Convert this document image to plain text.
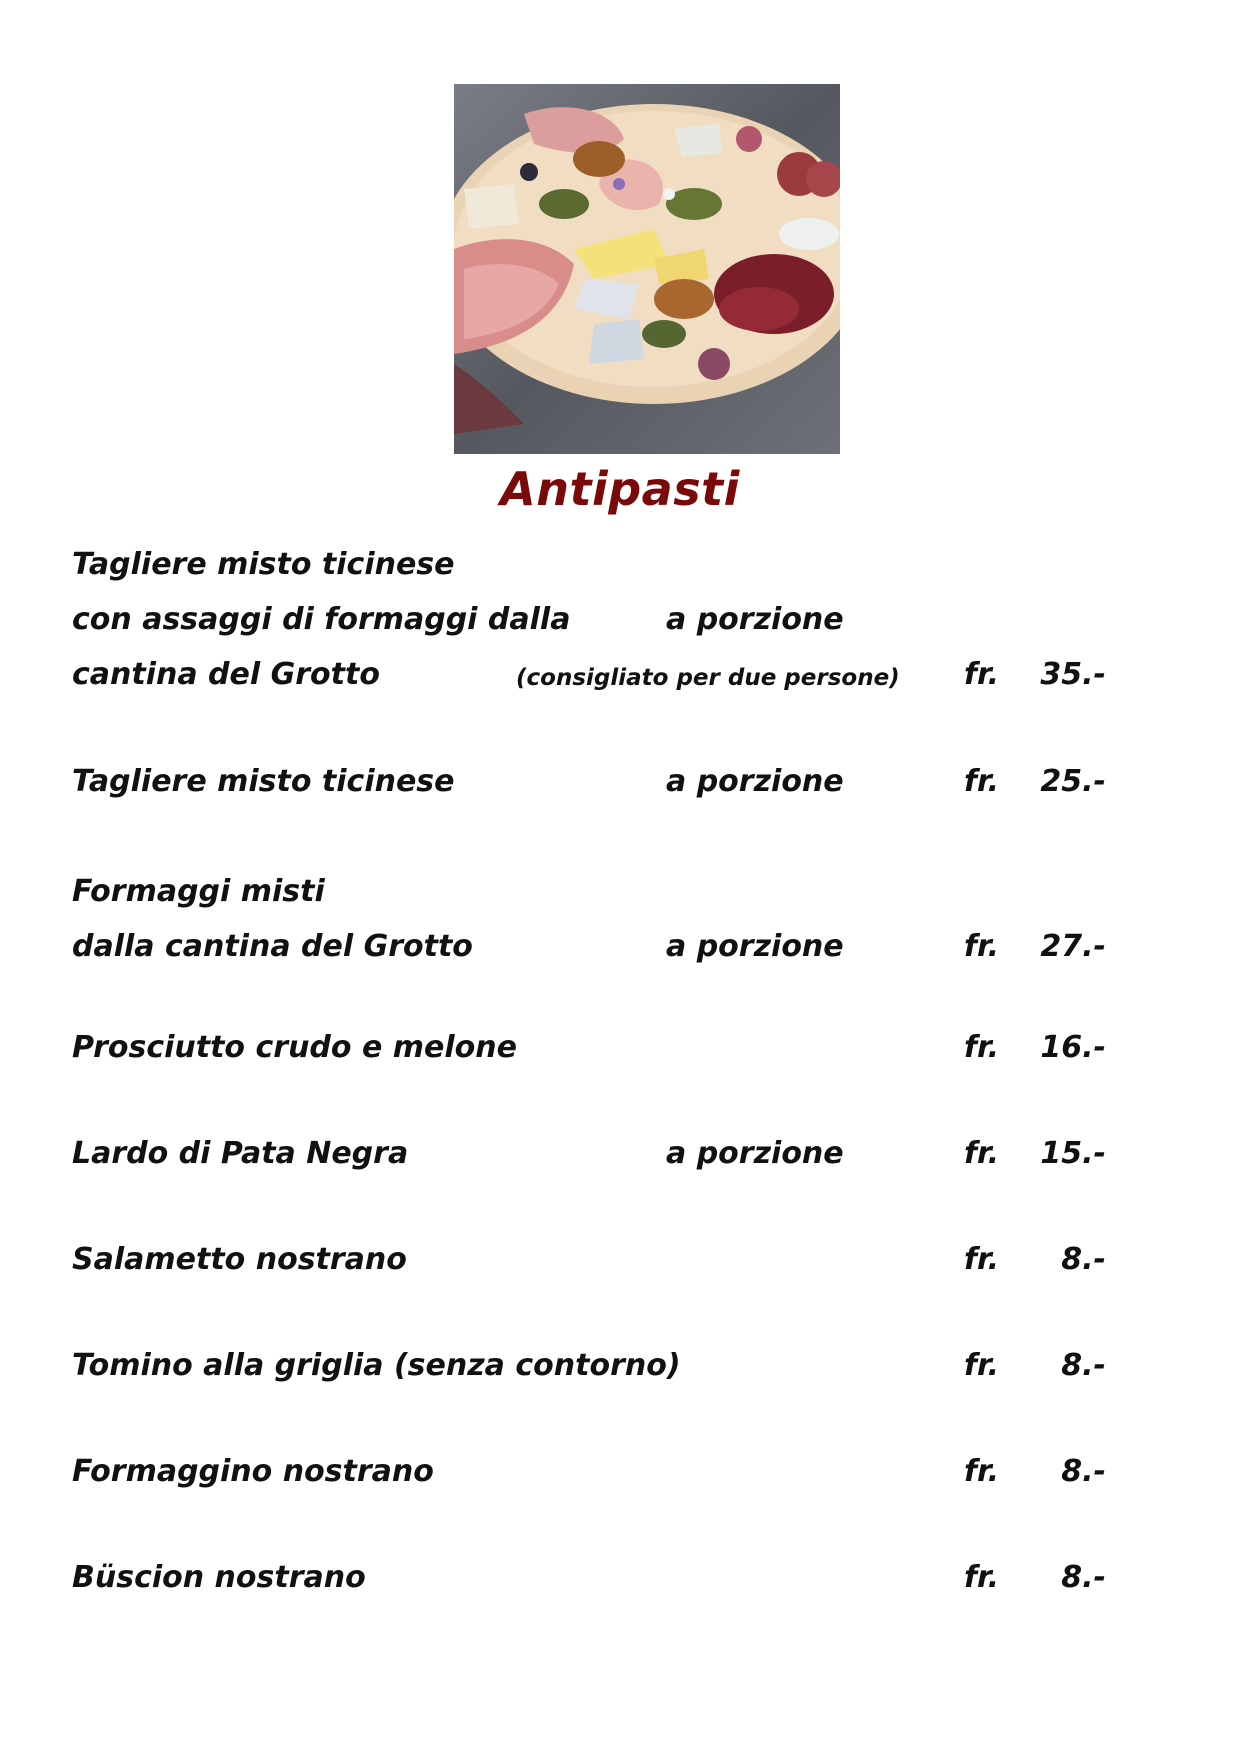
Antipasti
Tagliere misto ticinese
con assaggi di formaggi dalla
cantina del Grotto
a porzione
(consigliato per due persone) fr. 35.-
Tagliere misto ticinese	a porzione	fr. 25.-
Formaggi misti
dalla cantina del Grotto	a porzione	fr. 27.-
Prosciutto crudo e melone	fr. 16.-
Lardo di Pata Negra	a porzione	fr. 15.-
Salametto nostrano	fr. 8.-
Tomino alla griglia (senza contorno)	fr. 8.-
Formaggino nostrano	fr. 8.-
Büscion nostrano	fr. 8.-
